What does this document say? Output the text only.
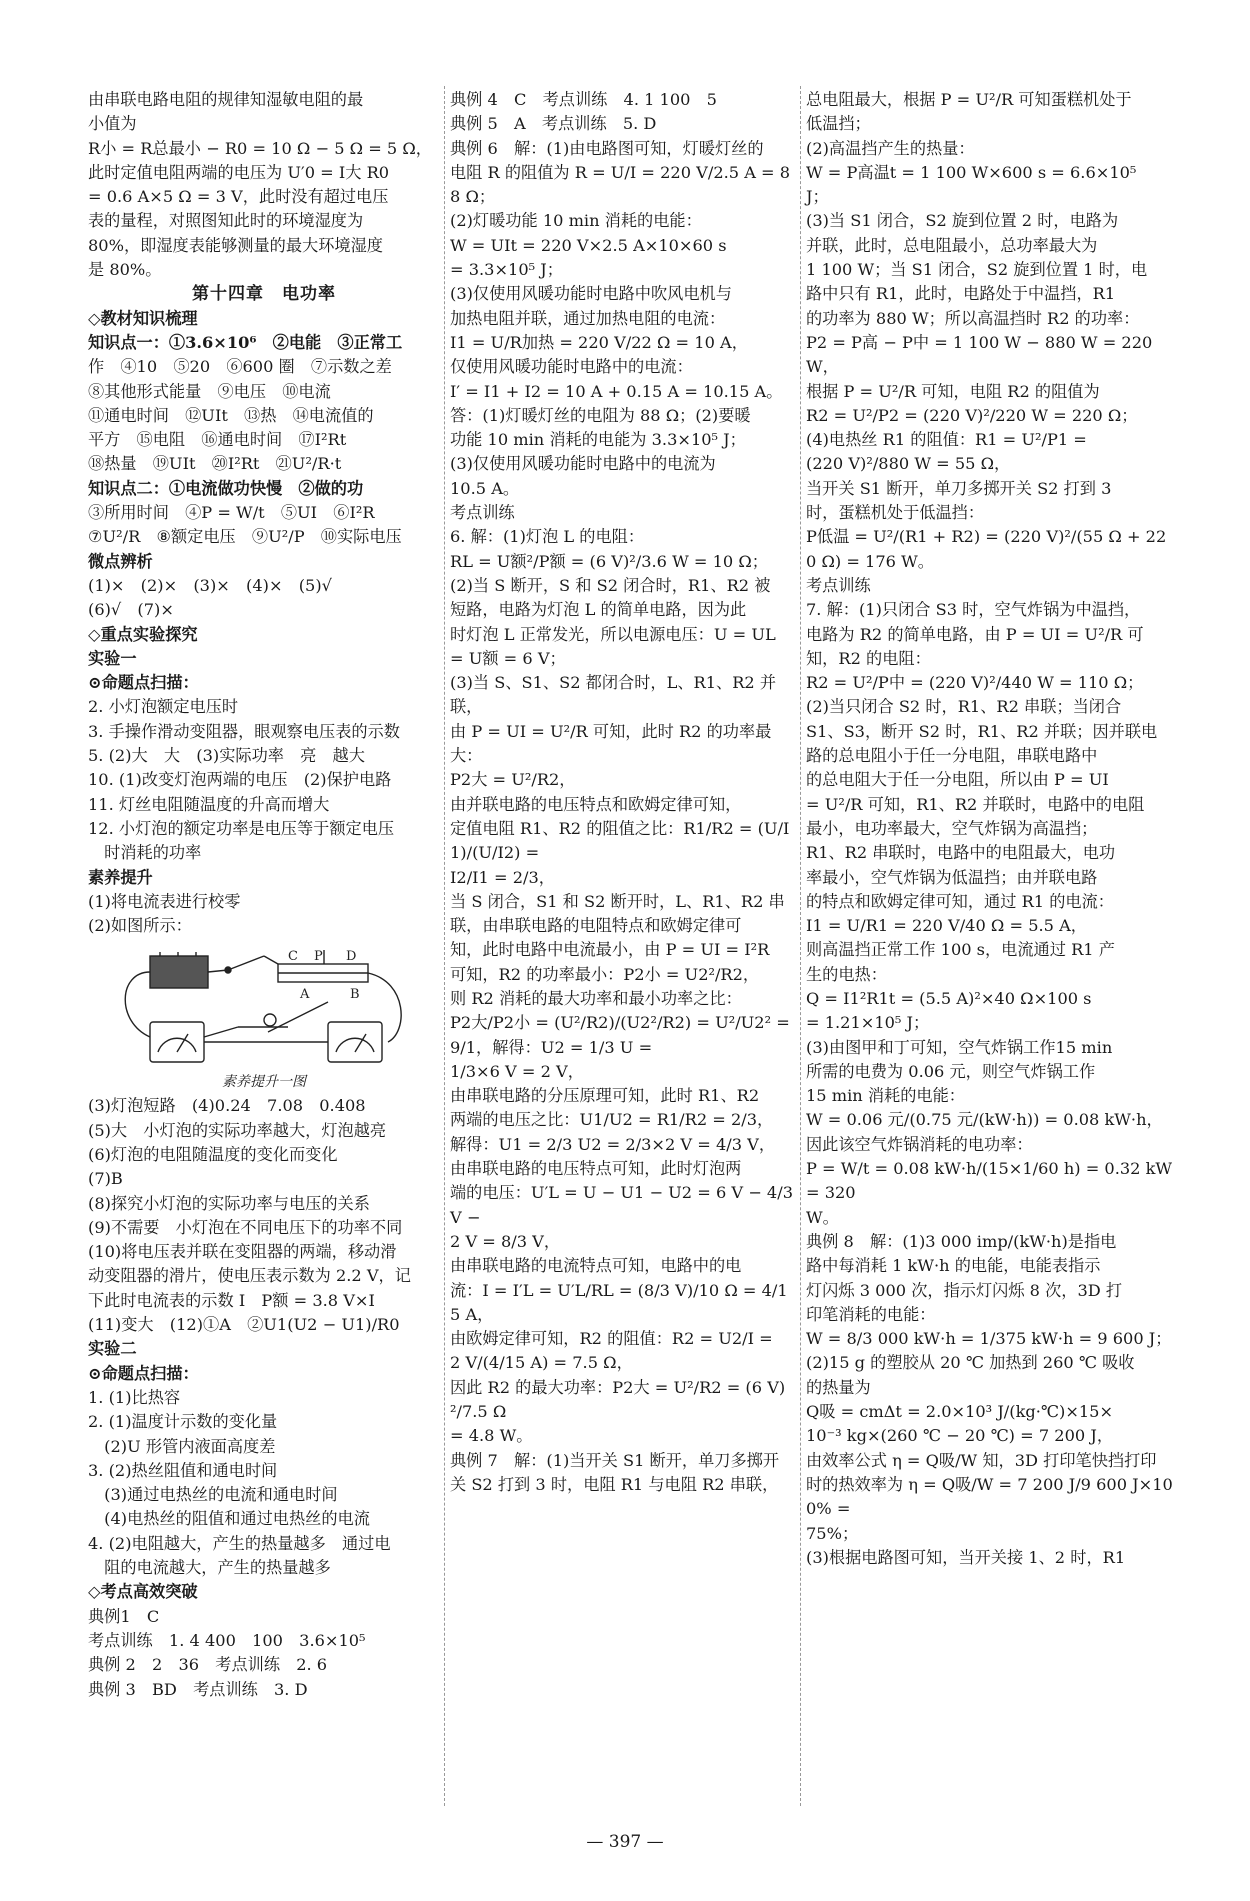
由串联电路电阻的规律知湿敏电阻的最
小值为
R小 = R总最小 − R0 = 10 Ω − 5 Ω = 5 Ω，
此时定值电阻两端的电压为 U′0 = I大 R0
= 0.6 A×5 Ω = 3 V，此时没有超过电压
表的量程，对照图知此时的环境湿度为
80%，即湿度表能够测量的最大环境湿度
是 80%。
第十四章　电功率
◇教材知识梳理
知识点一：①3.6×10⁶　②电能　③正常工
作　④10　⑤20　⑥600 圈　⑦示数之差
⑧其他形式能量　⑨电压　⑩电流
⑪通电时间　⑫UIt　⑬热　⑭电流值的
平方　⑮电阻　⑯通电时间　⑰I²Rt
⑱热量　⑲UIt　⑳I²Rt　㉑U²/R·t
知识点二：①电流做功快慢　②做的功
③所用时间　④P = W/t　⑤UI　⑥I²R
⑦U²/R　⑧额定电压　⑨U²/P　⑩实际电压
微点辨析
(1)×　(2)×　(3)×　(4)×　(5)√
(6)√　(7)×
◇重点实验探究
实验一
⊙命题点扫描：
2. 小灯泡额定电压时
3. 手操作滑动变阻器，眼观察电压表的示数
5. (2)大　大　(3)实际功率　亮　越大
10. (1)改变灯泡两端的电压　(2)保护电路
11. 灯丝电阻随温度的升高而增大
12. 小灯泡的额定功率是电压等于额定电压
　时消耗的功率
素养提升
(1)将电流表进行校零
(2)如图所示：
C P D
A	B
素养提升一图
(3)灯泡短路　(4)0.24　7.08　0.408
(5)大　小灯泡的实际功率越大，灯泡越亮
(6)灯泡的电阻随温度的变化而变化
(7)B
(8)探究小灯泡的实际功率与电压的关系
(9)不需要　小灯泡在不同电压下的功率不同
(10)将电压表并联在变阻器的两端，移动滑
动变阻器的滑片，使电压表示数为 2.2 V，记
下此时电流表的示数 I　P额 = 3.8 V×I
(11)变大　(12)①A　②U1(U2 − U1)/R0
实验二
⊙命题点扫描：
1. (1)比热容
2. (1)温度计示数的变化量
　(2)U 形管内液面高度差
3. (2)热丝阻值和通电时间
　(3)通过电热丝的电流和通电时间
　(4)电热丝的阻值和通过电热丝的电流
4. (2)电阻越大，产生的热量越多　通过电
　阻的电流越大，产生的热量越多
◇考点高效突破
典例1　C
考点训练　1. 4 400　100　3.6×10⁵
典例 2　2　36　考点训练　2. 6
典例 3　BD　考点训练　3. D
典例 4　C　考点训练　4. 1 100　5
典例 5　A　考点训练　5. D
典例 6　解：(1)由电路图可知，灯暖灯丝的
电阻 R 的阻值为 R = U/I = 220 V/2.5 A = 88 Ω；
(2)灯暖功能 10 min 消耗的电能：
W = UIt = 220 V×2.5 A×10×60 s
= 3.3×10⁵ J；
(3)仅使用风暖功能时电路中吹风电机与
加热电阻并联，通过加热电阻的电流：
I1 = U/R加热 = 220 V/22 Ω = 10 A，
仅使用风暖功能时电路中的电流：
I′ = I1 + I2 = 10 A + 0.15 A = 10.15 A。
答：(1)灯暖灯丝的电阻为 88 Ω；(2)要暖
功能 10 min 消耗的电能为 3.3×10⁵ J；
(3)仅使用风暖功能时电路中的电流为
10.5 A。
考点训练
6. 解：(1)灯泡 L 的电阻：
RL = U额²/P额 = (6 V)²/3.6 W = 10 Ω；
(2)当 S 断开，S 和 S2 闭合时，R1、R2 被
短路，电路为灯泡 L 的简单电路，因为此
时灯泡 L 正常发光，所以电源电压：U = UL
= U额 = 6 V；
(3)当 S、S1、S2 都闭合时，L、R1、R2 并联，
由 P = UI = U²/R 可知，此时 R2 的功率最大：
P2大 = U²/R2，
由并联电路的电压特点和欧姆定律可知，
定值电阻 R1、R2 的阻值之比：R1/R2 = (U/I1)/(U/I2) =
I2/I1 = 2/3，
当 S 闭合，S1 和 S2 断开时，L、R1、R2 串
联，由串联电路的电阻特点和欧姆定律可
知，此时电路中电流最小，由 P = UI = I²R
可知，R2 的功率最小：P2小 = U2²/R2，
则 R2 消耗的最大功率和最小功率之比：
P2大/P2小 = (U²/R2)/(U2²/R2) = U²/U2² = 9/1，解得：U2 = 1/3 U =
1/3×6 V = 2 V，
由串联电路的分压原理可知，此时 R1、R2
两端的电压之比：U1/U2 = R1/R2 = 2/3，
解得：U1 = 2/3 U2 = 2/3×2 V = 4/3 V，
由串联电路的电压特点可知，此时灯泡两
端的电压：U′L = U − U1 − U2 = 6 V − 4/3 V −
2 V = 8/3 V，
由串联电路的电流特点可知，电路中的电
流：I = I′L = U′L/RL = (8/3 V)/10 Ω = 4/15 A，
由欧姆定律可知，R2 的阻值：R2 = U2/I =
2 V/(4/15 A) = 7.5 Ω，
因此 R2 的最大功率：P2大 = U²/R2 = (6 V)²/7.5 Ω
= 4.8 W。
典例 7　解：(1)当开关 S1 断开，单刀多掷开
关 S2 打到 3 时，电阻 R1 与电阻 R2 串联，
总电阻最大，根据 P = U²/R 可知蛋糕机处于
低温挡；
(2)高温挡产生的热量：
W = P高温t = 1 100 W×600 s = 6.6×10⁵
J；
(3)当 S1 闭合，S2 旋到位置 2 时，电路为
并联，此时，总电阻最小，总功率最大为
1 100 W；当 S1 闭合，S2 旋到位置 1 时，电
路中只有 R1，此时，电路处于中温挡，R1
的功率为 880 W；所以高温挡时 R2 的功率：
P2 = P高 − P中 = 1 100 W − 880 W = 220 W，
根据 P = U²/R 可知，电阻 R2 的阻值为
R2 = U²/P2 = (220 V)²/220 W = 220 Ω；
(4)电热丝 R1 的阻值：R1 = U²/P1 =
(220 V)²/880 W = 55 Ω，
当开关 S1 断开，单刀多掷开关 S2 打到 3
时，蛋糕机处于低温挡：
P低温 = U²/(R1 + R2) = (220 V)²/(55 Ω + 220 Ω) = 176 W。
考点训练
7. 解：(1)只闭合 S3 时，空气炸锅为中温挡，
电路为 R2 的简单电路，由 P = UI = U²/R 可
知，R2 的电阻：
R2 = U²/P中 = (220 V)²/440 W = 110 Ω；
(2)当只闭合 S2 时，R1、R2 串联；当闭合
S1、S3，断开 S2 时，R1、R2 并联；因并联电
路的总电阻小于任一分电阻，串联电路中
的总电阻大于任一分电阻，所以由 P = UI
= U²/R 可知，R1、R2 并联时，电路中的电阻
最小，电功率最大，空气炸锅为高温挡；
R1、R2 串联时，电路中的电阻最大，电功
率最小，空气炸锅为低温挡；由并联电路
的特点和欧姆定律可知，通过 R1 的电流：
I1 = U/R1 = 220 V/40 Ω = 5.5 A，
则高温挡正常工作 100 s，电流通过 R1 产
生的电热：
Q = I1²R1t = (5.5 A)²×40 Ω×100 s
= 1.21×10⁵ J；
(3)由图甲和丁可知，空气炸锅工作15 min
所需的电费为 0.06 元，则空气炸锅工作
15 min 消耗的电能：
W = 0.06 元/(0.75 元/(kW·h)) = 0.08 kW·h，
因此该空气炸锅消耗的电功率：
P = W/t = 0.08 kW·h/(15×1/60 h) = 0.32 kW = 320
W。
典例 8　解：(1)3 000 imp/(kW·h)是指电
路中每消耗 1 kW·h 的电能，电能表指示
灯闪烁 3 000 次，指示灯闪烁 8 次，3D 打
印笔消耗的电能：
W = 8/3 000 kW·h = 1/375 kW·h = 9 600 J；
(2)15 g 的塑胶从 20 ℃ 加热到 260 ℃ 吸收
的热量为
Q吸 = cmΔt = 2.0×10³ J/(kg·℃)×15×
10⁻³ kg×(260 ℃ − 20 ℃) = 7 200 J，
由效率公式 η = Q吸/W 知，3D 打印笔快挡打印
时的热效率为 η = Q吸/W = 7 200 J/9 600 J×100% =
75%；
(3)根据电路图可知，当开关接 1、2 时，R1
— 397 —
